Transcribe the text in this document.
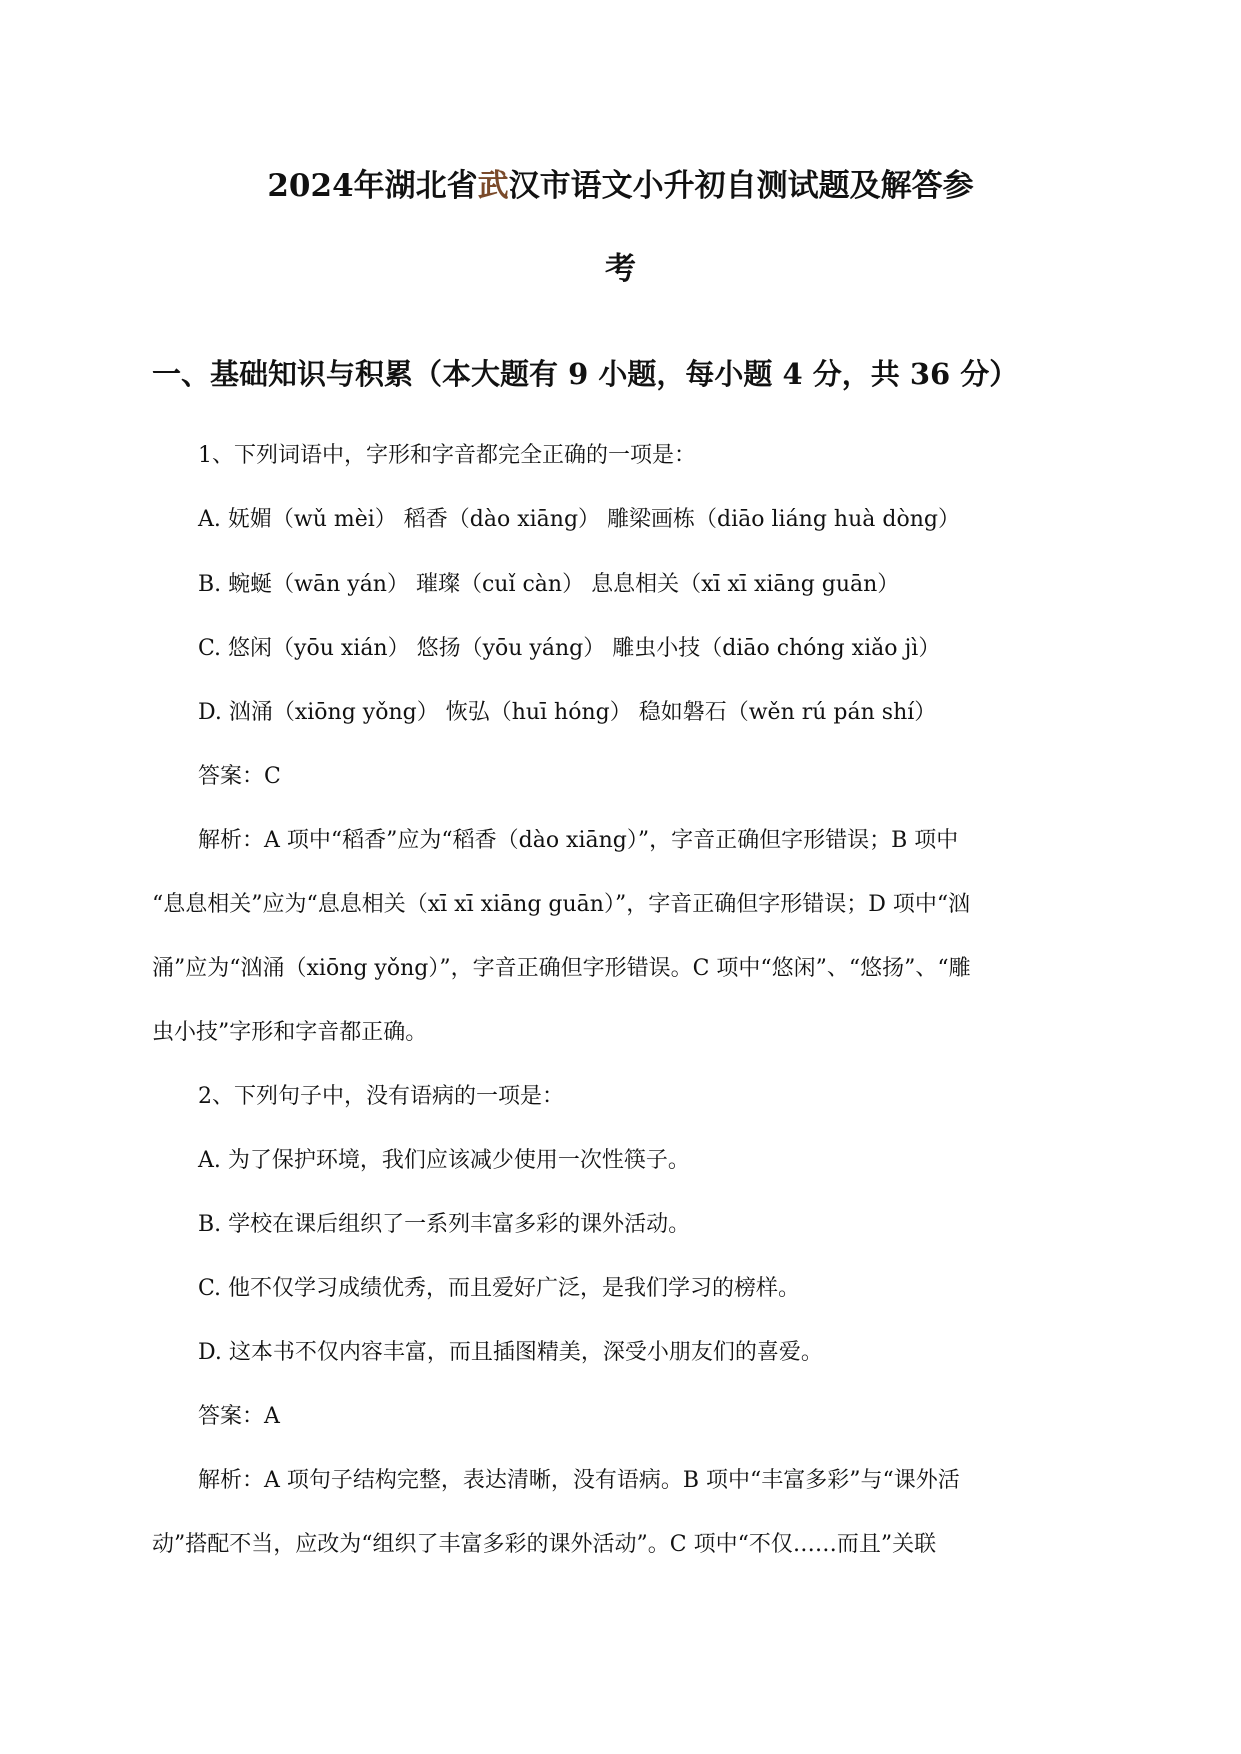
2024年湖北省武汉市语文小升初自测试题及解答参
考
一、基础知识与积累（本大题有 9 小题，每小题 4 分，共 36 分）

1、下列词语中，字形和字音都完全正确的一项是：

A. 妩媚（wǔ mèi） 稻香（dào xiāng） 雕梁画栋（diāo liáng huà dòng）

B. 蜿蜒（wān yán） 璀璨（cuǐ càn） 息息相关（xī xī xiāng guān）

C. 悠闲（yōu xián） 悠扬（yōu yáng） 雕虫小技（diāo chóng xiǎo jì）

D. 汹涌（xiōng yǒng） 恢弘（huī hóng） 稳如磐石（wěn rú pán shí）

答案：C

解析：A 项中“稻香”应为“稻香（dào xiāng）”，字音正确但字形错误；B 项中

“息息相关”应为“息息相关（xī xī xiāng guān）”，字音正确但字形错误；D 项中“汹

涌”应为“汹涌（xiōng yǒng）”，字音正确但字形错误。C 项中“悠闲”、“悠扬”、“雕

虫小技”字形和字音都正确。

2、下列句子中，没有语病的一项是：

A. 为了保护环境，我们应该减少使用一次性筷子。

B. 学校在课后组织了一系列丰富多彩的课外活动。

C. 他不仅学习成绩优秀，而且爱好广泛，是我们学习的榜样。

D. 这本书不仅内容丰富，而且插图精美，深受小朋友们的喜爱。

答案：A

解析：A 项句子结构完整，表达清晰，没有语病。B 项中“丰富多彩”与“课外活

动”搭配不当，应改为“组织了丰富多彩的课外活动”。C 项中“不仅……而且”关联
